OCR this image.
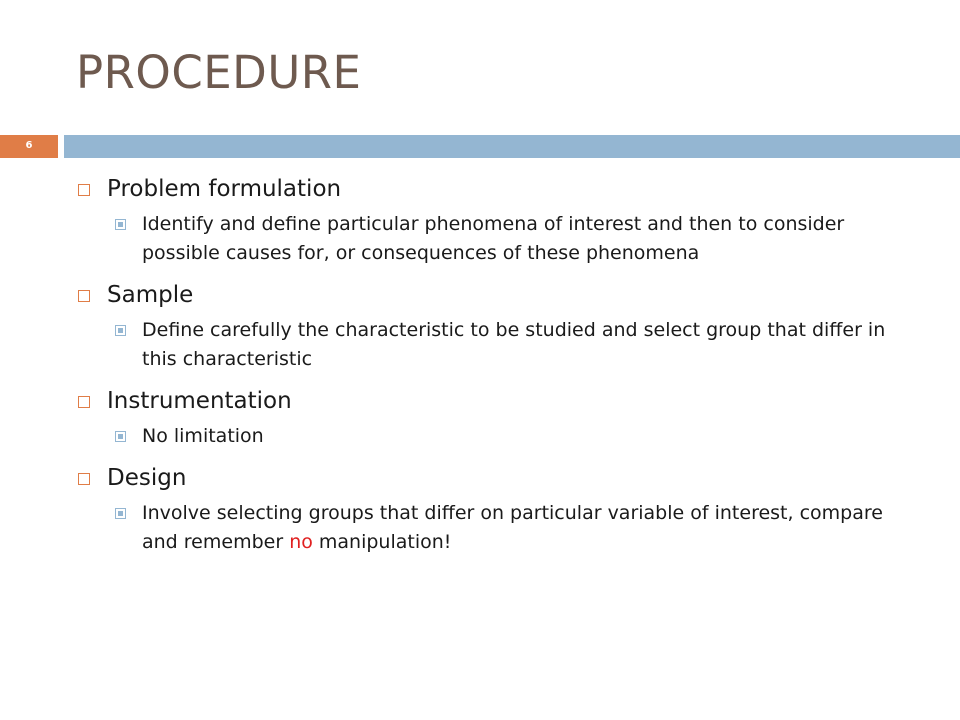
PROCEDURE
6
Problem formulation
Identify and define particular phenomena of interest and then to consider possible causes for, or consequences of these phenomena
Sample
Define carefully the characteristic to be studied and select group that differ in this characteristic
Instrumentation
No limitation
Design
Involve selecting groups that differ on particular variable of interest, compare and remember no manipulation!
